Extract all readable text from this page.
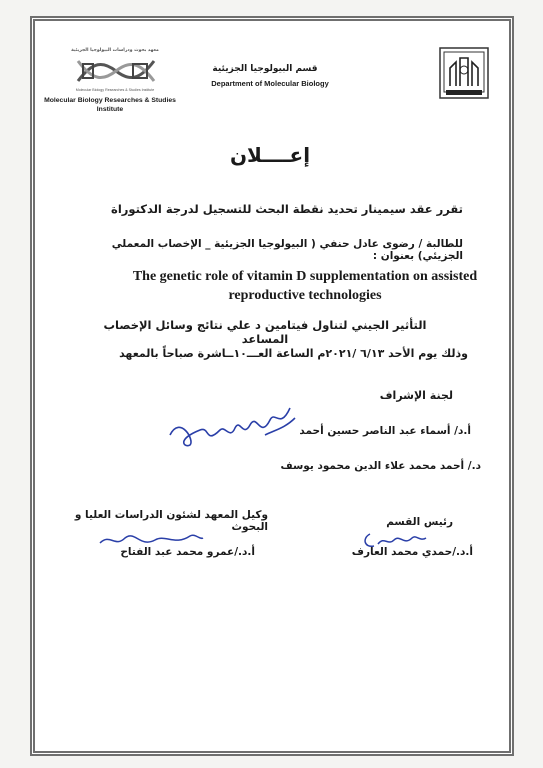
معهد بحوث ودراسات البيولوجيا الجزيئية
Molecular Biology Researches & Studies Institute
Molecular Biology Researches & Studies Institute
قسم البيولوجيا الجزيئية
Department of Molecular Biology
إعــــلان
تقرر عقد سيمينار تحديد نقطة البحث للتسجيل لدرجة الدكتوراة
للطالبة / رضوى عادل حنفي ( البيولوجيا الجزيئية _ الإخصاب المعملي الجزيئي) بعنوان :
The genetic role of vitamin D supplementation on assisted reproductive technologies
التأثير الجيني لتناول فيتامين د علي نتائج وسائل الإخصاب المساعد
وذلك يوم الأحد ٦/١٣ /٢٠٢١م الساعة العـــ١٠ــاشرة صباحاً بالمعهد
لجنة الإشراف
أ.د/ أسماء عبد الناصر حسين أحمد
د./ أحمد محمد علاء الدين محمود يوسف
وكيل المعهد لشئون الدراسات العليا و البحوث
أ.د./عمرو محمد عبد الفتاح
رئيس القسم
أ.د./حمدي محمد العارف
